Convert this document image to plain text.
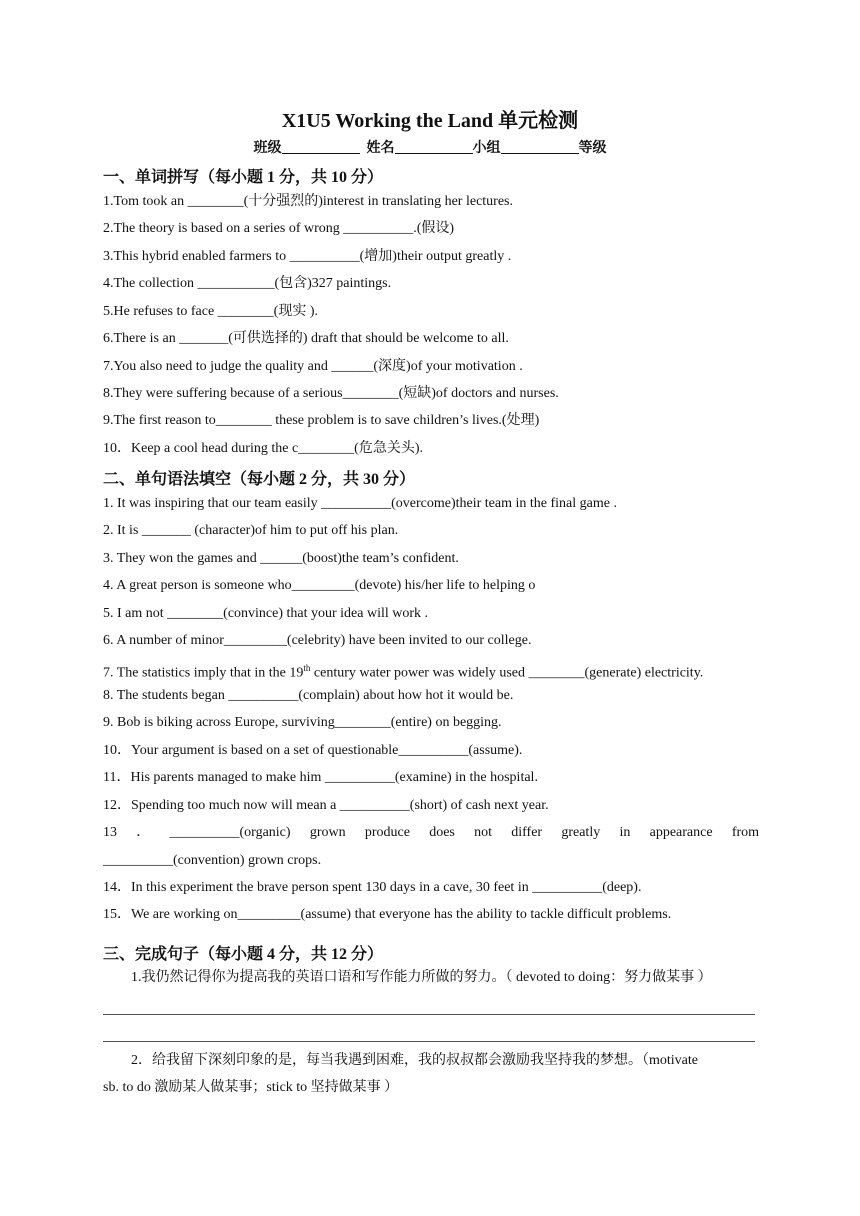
X1U5 Working the Land 单元检测
班级	姓名	小组	等级
一、单词拼写（每小题 1 分，共 10 分）
1.Tom took an ________(十分强烈的)interest in translating her lectures.
2.The theory is based on a series of wrong __________.(假设)
3.This hybrid enabled farmers to __________(增加)their output greatly .
4.The collection ___________(包含)327 paintings.
5.He refuses to face ________(现实 ).
6.There is an _______(可供选择的) draft that should be welcome to all.
7.You also need to judge the quality and ______(深度)of your motivation .
8.They were suffering because of a serious________(短缺)of doctors and nurses.
9.The first reason to________ these problem is to save children’s lives.(处理)
10．Keep a cool head during the c________(危急关头).
二、单句语法填空（每小题 2 分，共 30 分）
1. It was inspiring that our team easily __________(overcome)their team in the final game .
2. It is _______ (character)of him to put off his plan.
3. They won the games and ______(boost)the team’s confident.
4. A great person is someone who_________(devote) his/her life to helping o
5. I am not ________(convince) that your idea will work .
6. A number of minor_________(celebrity) have been invited to our college.
7. The statistics imply that in the 19th century water power was widely used ________(generate) electricity.
8. The students began __________(complain) about how hot it would be.
9. Bob is biking across Europe, surviving________(entire) on begging.
10．Your argument is based on a set of questionable__________(assume).
11．His parents managed to make him __________(examine) in the hospital.
12．Spending too much now will mean a __________(short) of cash next year.
13 ． __________(organic) grown produce does not differ greatly in appearance from
__________(convention) grown crops.
14．In this experiment the brave person spent 130 days in a cave, 30 feet in __________(deep).
15．We are working on_________(assume) that everyone has the ability to tackle difficult problems.
三、完成句子（每小题 4 分，共 12 分）
1.我仍然记得你为提高我的英语口语和写作能力所做的努力。（ devoted to doing：努力做某事 ）
2．给我留下深刻印象的是，每当我遇到困难，我的叔叔都会激励我坚持我的梦想。（motivate
sb. to do 激励某人做某事；stick to 坚持做某事 ）
